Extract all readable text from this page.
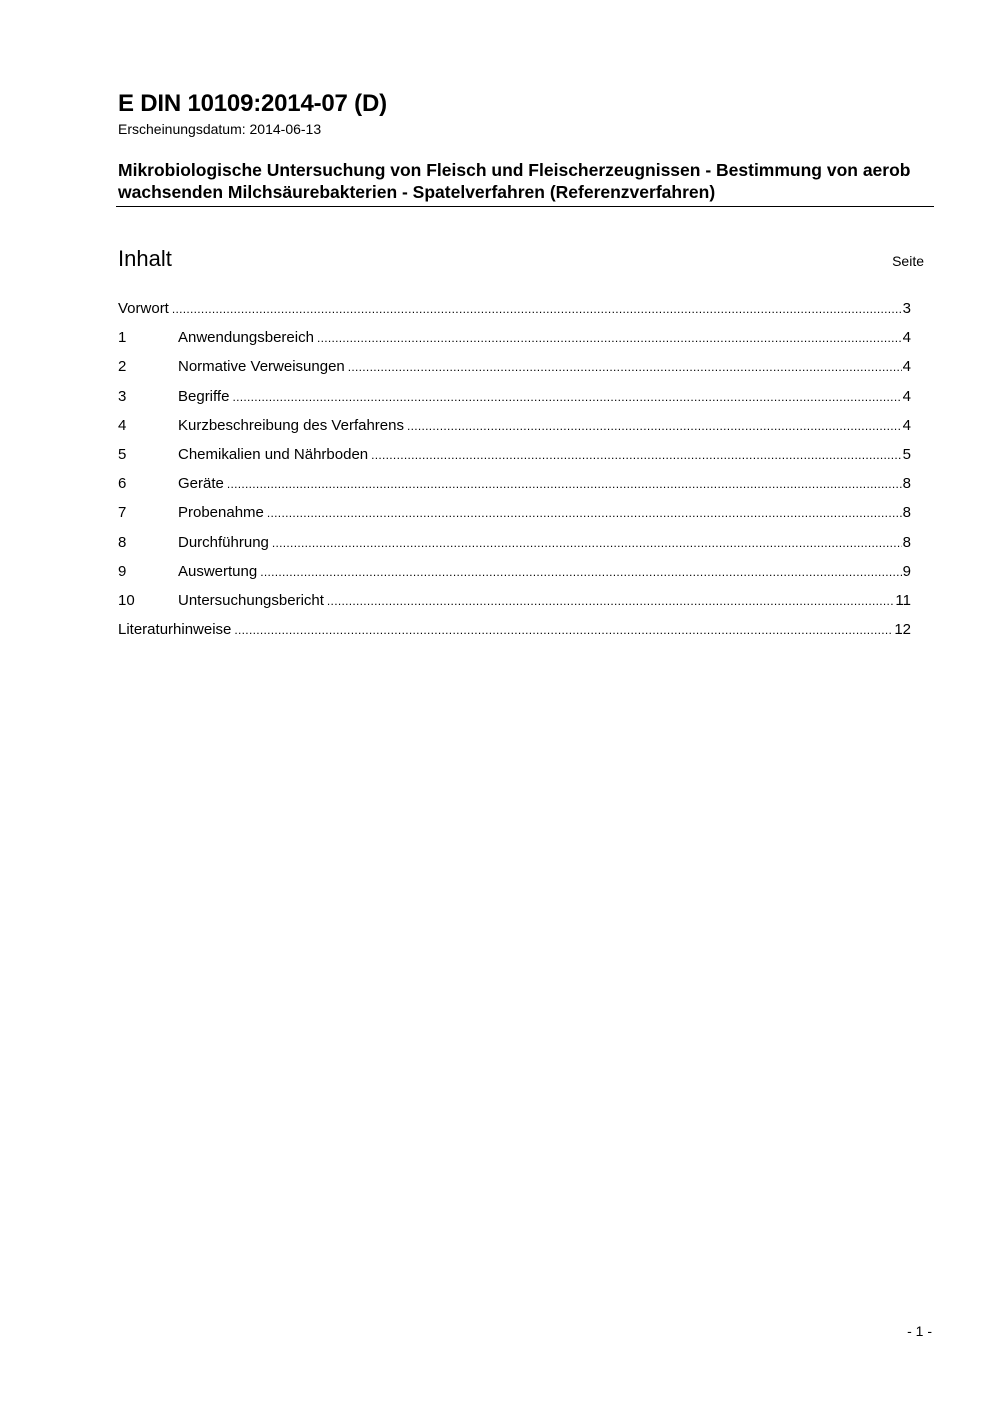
E DIN 10109:2014-07 (D)
Erscheinungsdatum: 2014-06-13
Mikrobiologische Untersuchung von Fleisch und Fleischerzeugnissen - Bestimmung von aerob wachsenden Milchsäurebakterien - Spatelverfahren (Referenzverfahren)
Inhalt	Seite
Vorwort .....	3
1	Anwendungsbereich .....	4
2	Normative Verweisungen .....	4
3	Begriffe .....	4
4	Kurzbeschreibung des Verfahrens .....	4
5	Chemikalien und Nährboden .....	5
6	Geräte .....	8
7	Probenahme .....	8
8	Durchführung .....	8
9	Auswertung .....	9
10	Untersuchungsbericht .....	11
Literaturhinweise .....	12
- 1 -
